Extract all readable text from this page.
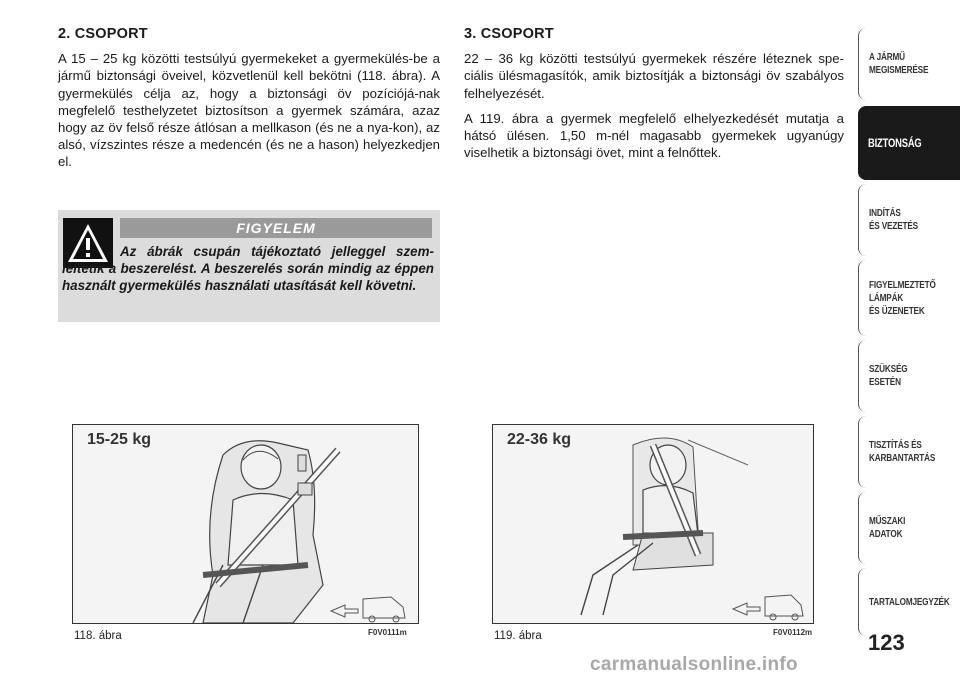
2. CSOPORT
A 15 – 25 kg közötti testsúlyú gyermekeket a gyermekülés-be a jármű biztonsági öveivel, közvetlenül kell bekötni (118. ábra). A gyermekülés célja az, hogy a biztonsági öv pozíciójá-nak megfelelő testhelyzetet biztosítson a gyermek számára, azaz hogy az öv felső része átlósan a mellkason (és ne a nya-kon), az alsó, vízszintes része a medencén (és ne a hason) helyezkedjen el.
FIGYELEM
Az ábrák csupán tájékoztató jelleggel szem-léltetik a beszerelést. A beszerelés során mindig az éppen használt gyermekülés használati utasítását kell követni.
3. CSOPORT
22 – 36 kg közötti testsúlyú gyermekek részére léteznek spe-ciális ülésmagasítók, amik biztosítják a biztonsági öv szabályos felhelyezését.
A 119. ábra a gyermek megfelelő elhelyezkedését mutatja a hátsó ülésen. 1,50 m-nél magasabb gyermekek ugyanúgy viselhetik a biztonsági övet, mint a felnőttek.
15-25 kg
118. ábra	F0V0111m
22-36 kg
119. ábra	F0V0112m
A JÁRMŰ
MEGISMERÉSE
BIZTONSÁG
INDÍTÁS
ÉS VEZETÉS
FIGYELMEZTETŐ
LÁMPÁK
ÉS ÜZENETEK
SZÜKSÉG
ESETÉN
TISZTÍTÁS ÉS
KARBANTARTÁS
MŰSZAKI
ADATOK
TARTALOMJEGYZÉK
123
carmanualsonline.info
